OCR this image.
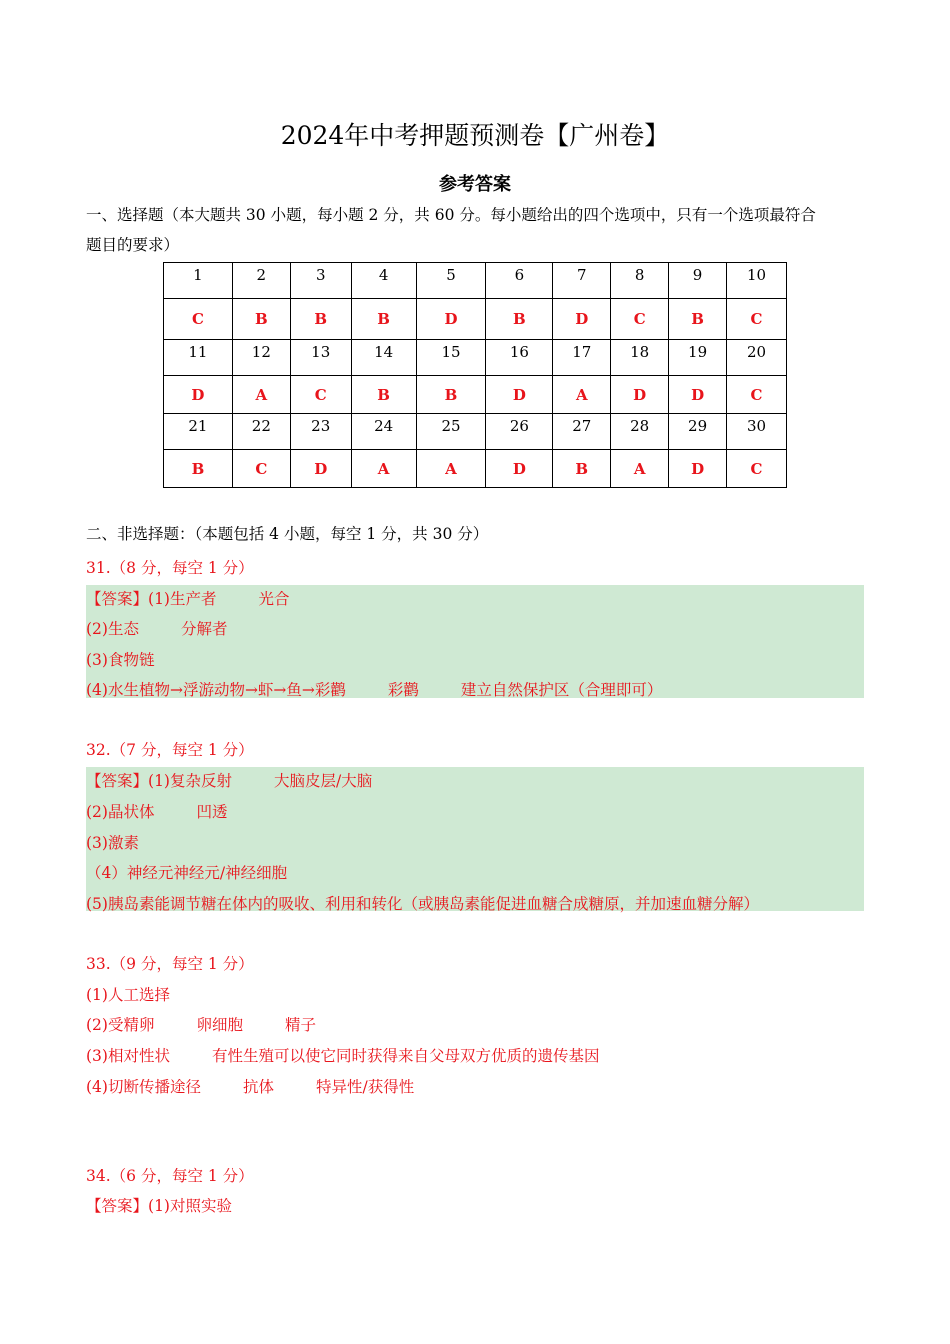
2024年中考押题预测卷【广州卷】
参考答案
一、选择题（本大题共 30 小题，每小题 2 分，共 60 分。每小题给出的四个选项中，只有一个选项最符合
题目的要求）
1	2	3	4	5	6	7	8	9	10
C	B	B	B	D	B	D	C	B	C
11	12	13	14	15	16	17	18	19	20
D	A	C	B	B	D	A	D	D	C
21	22	23	24	25	26	27	28	29	30
B	C	D	A	A	D	B	A	D	C
二、非选择题：（本题包括 4 小题，每空 1 分，共 30 分）
31.（8 分，每空 1 分）
【答案】(1)生产者	光合
(2)生态	分解者
(3)食物链
(4)水生植物→浮游动物→虾→鱼→彩鹳	彩鹳	建立自然保护区（合理即可）
32.（7 分，每空 1 分）
【答案】(1)复杂反射	大脑皮层/大脑
(2)晶状体	凹透
(3)激素
（4）神经元神经元/神经细胞
(5)胰岛素能调节糖在体内的吸收、利用和转化（或胰岛素能促进血糖合成糖原，并加速血糖分解）
33.（9 分，每空 1 分）
(1)人工选择
(2)受精卵	卵细胞	精子
(3)相对性状	有性生殖可以使它同时获得来自父母双方优质的遗传基因
(4)切断传播途径	抗体	特异性/获得性
34.（6 分，每空 1 分）
【答案】(1)对照实验
